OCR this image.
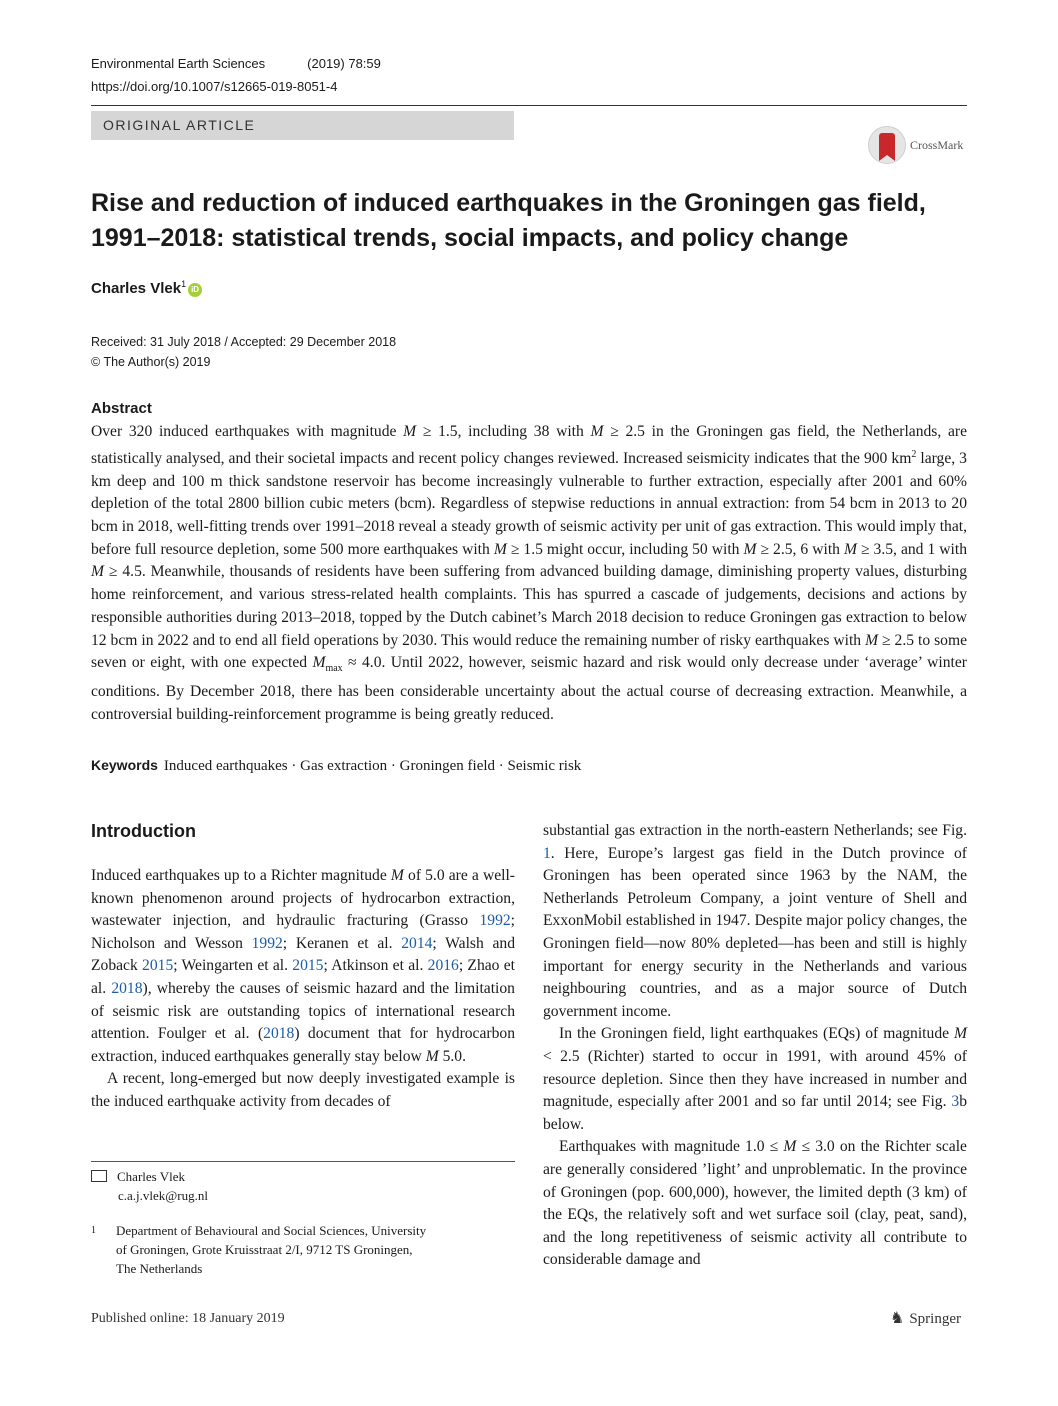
Environmental Earth Sciences	(2019) 78:59
https://doi.org/10.1007/s12665-019-8051-4
ORIGINAL ARTICLE
CrossMark
Rise and reduction of induced earthquakes in the Groningen gas field,
1991–2018: statistical trends, social impacts, and policy change
Charles Vlek$^1$iD
Received: 31 July 2018 / Accepted: 29 December 2018
© The Author(s) 2019
Abstract
Over 320 induced earthquakes with magnitude M ≥ 1.5, including 38 with M ≥ 2.5 in the Groningen gas field, the Netherlands, are statistically analysed, and their societal impacts and recent policy changes reviewed. Increased seismicity indicates that the 900 $km^2$ large, 3 km deep and 100 m thick sandstone reservoir has become increasingly vulnerable to further extraction, especially after 2001 and 60% depletion of the total 2800 billion cubic meters (bcm). Regardless of stepwise reductions in annual extraction: from 54 bcm in 2013 to 20 bcm in 2018, well-fitting trends over 1991–2018 reveal a steady growth of seismic activity per unit of gas extraction. This would imply that, before full resource depletion, some 500 more earthquakes with M ≥ 1.5 might occur, including 50 with M ≥ 2.5, 6 with M ≥ 3.5, and 1 with M ≥ 4.5. Meanwhile, thousands of residents have been suffering from advanced building damage, diminishing property values, disturbing home reinforcement, and various stress-related health complaints. This has spurred a cascade of judgements, decisions and actions by responsible authorities during 2013–2018, topped by the Dutch cabinet’s March 2018 decision to reduce Groningen gas extraction to below 12 bcm in 2022 and to end all field operations by 2030. This would reduce the remaining number of risky earthquakes with M ≥ 2.5 to some seven or eight, with one expected $M_{max} \approx 4.0$. Until 2022, however, seismic hazard and risk would only decrease under ‘average’ winter conditions. By December 2018, there has been considerable uncertainty about the actual course of decreasing extraction. Meanwhile, a controversial building-reinforcement programme is being greatly reduced.
Keywords Induced earthquakes · Gas extraction · Groningen field · Seismic risk
Introduction

Induced earthquakes up to a Richter magnitude M of 5.0 are a well-known phenomenon around projects of hydrocarbon extraction, wastewater injection, and hydraulic fracturing (Grasso 1992; Nicholson and Wesson 1992; Keranen et al. 2014; Walsh and Zoback 2015; Weingarten et al. 2015; Atkinson et al. 2016; Zhao et al. 2018), whereby the causes of seismic hazard and the limitation of seismic risk are outstanding topics of international research attention. Foulger et al. (2018) document that for hydrocarbon extraction, induced earthquakes generally stay below M 5.0.

A recent, long-emerged but now deeply investigated example is the induced earthquake activity from decades of

substantial gas extraction in the north-eastern Netherlands; see Fig. 1. Here, Europe’s largest gas field in the Dutch province of Groningen has been operated since 1963 by the NAM, the Netherlands Petroleum Company, a joint venture of Shell and ExxonMobil established in 1947. Despite major policy changes, the Groningen field—now 80% depleted—has been and still is highly important for energy security in the Netherlands and various neighbouring countries, and as a major source of Dutch government income.

In the Groningen field, light earthquakes (EQs) of magnitude M < 2.5 (Richter) started to occur in 1991, with around 45% of resource depletion. Since then they have increased in number and magnitude, especially after 2001 and so far until 2014; see Fig. 3b below.

Earthquakes with magnitude 1.0 ≤ M ≤ 3.0 on the Richter scale are generally considered ’light’ and unproblematic. In the province of Groningen (pop. 600,000), however, the limited depth (3 km) of the EQs, the relatively soft and wet surface soil (clay, peat, sand), and the long repetitiveness of seismic activity all contribute to considerable damage and

Charles Vlek
c.a.j.vlek@rug.nl
1 Department of Behavioural and Social Sciences, University
of Groningen, Grote Kruisstraat 2/I, 9712 TS Groningen,
The Netherlands
Published online: 18 January 2019	♞ Springer
